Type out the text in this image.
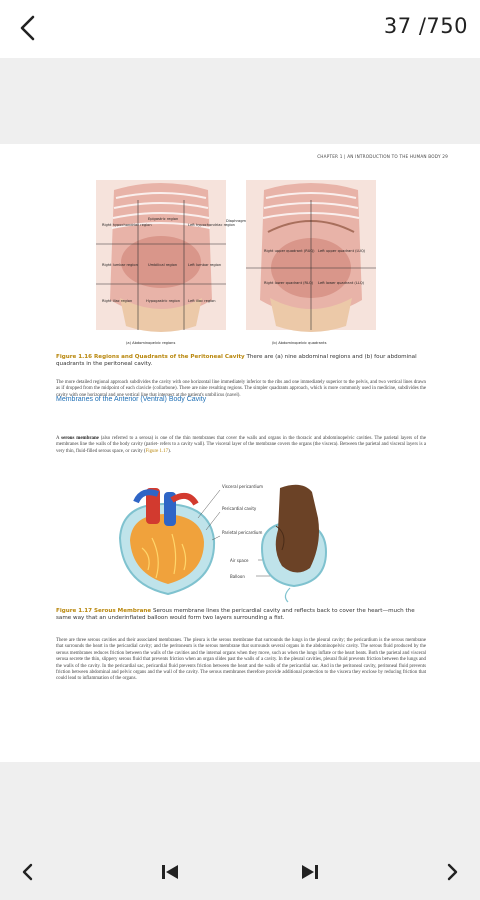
37 /750
CHAPTER 1 | AN INTRODUCTION TO THE HUMAN BODY 29
Right hypochondriac region
Epigastric region
Left hypochondriac region
Right lumbar region	Umbilical region	Left lumbar region
Right iliac region	Hypogastric region Left iliac region
(a) Abdominopelvic regions
Diaphragm
Right upper quadrant (RUQ) Left upper quadrant (LUQ)
Right lower quadrant (RLQ) Left lower quadrant (LLQ)
(b) Abdominopelvic quadrants
Figure 1.16 Regions and Quadrants of the Peritoneal Cavity There are (a) nine abdominal regions and (b) four abdominal quadrants in the peritoneal cavity.
The more detailed regional approach subdivides the cavity with one horizontal line immediately inferior to the ribs and one immediately superior to the pelvis, and two vertical lines drawn as if dropped from the midpoint of each clavicle (collarbone). There are nine resulting regions. The simpler quadrants approach, which is more commonly used in medicine, subdivides the cavity with one horizontal and one vertical line that intersect at the patient's umbilicus (navel).
Membranes of the Anterior (Ventral) Body Cavity
A serous membrane (also referred to a serosa) is one of the thin membranes that cover the walls and organs in the thoracic and abdominopelvic cavities. The parietal layers of the membranes line the walls of the body cavity (pariet- refers to a cavity wall). The visceral layer of the membrane covers the organs (the viscera). Between the parietal and visceral layers is a very thin, fluid-filled serous space, or cavity (Figure 1.17).
Visceral pericardium
Pericardial cavity
Parietal pericardium
Air space
Balloon
Figure 1.17 Serous Membrane Serous membrane lines the pericardial cavity and reflects back to cover the heart—much the same way that an underinflated balloon would form two layers surrounding a fist.
There are three serous cavities and their associated membranes. The pleura is the serous membrane that surrounds the lungs in the pleural cavity; the pericardium is the serous membrane that surrounds the heart in the pericardial cavity; and the peritoneum is the serous membrane that surrounds several organs in the abdominopelvic cavity. The serous fluid produced by the serous membranes reduces friction between the walls of the cavities and the internal organs when they move, such as when the lungs inflate or the heart beats. Both the parietal and visceral serosa secrete the thin, slippery serous fluid that prevents friction when an organ slides past the walls of a cavity. In the pleural cavities, pleural fluid prevents friction between the lungs and the walls of the cavity. In the pericardial sac, pericardial fluid prevents friction between the heart and the walls of the pericardial sac. And in the peritoneal cavity, peritoneal fluid prevents friction between abdominal and pelvic organs and the wall of the cavity. The serous membranes therefore provide additional protection to the viscera they enclose by reducing friction that could lead to inflammation of the organs.
